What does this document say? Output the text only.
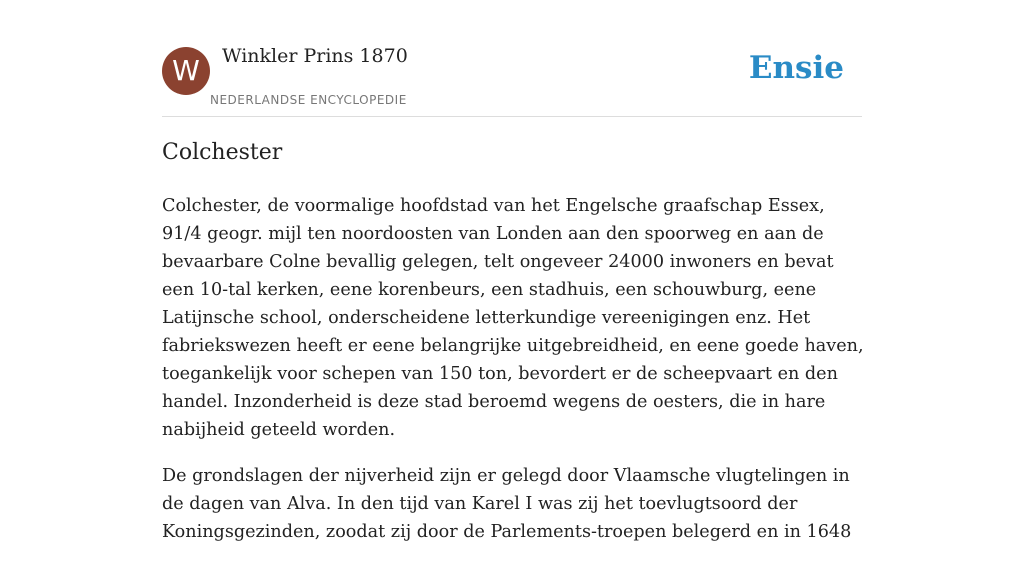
W	Winkler Prins 1870
NEDERLANDSE ENCYCLOPEDIE
Ensie
Colchester

Colchester, de voormalige hoofdstad van het Engelsche graafschap Essex, 91/4 geogr. mijl ten noordoosten van Londen aan den spoorweg en aan de bevaarbare Colne bevallig gelegen, telt ongeveer 24000 inwoners en bevat een 10-tal kerken, eene korenbeurs, een stadhuis, een schouwburg, eene Latijnsche school, onderscheidene letterkundige vereenigingen enz. Het fabriekswezen heeft er eene belangrijke uitgebreidheid, en eene goede haven, toegankelijk voor schepen van 150 ton, bevordert er de scheepvaart en den handel. Inzonderheid is deze stad beroemd wegens de oesters, die in hare nabijheid geteeld worden.

De grondslagen der nijverheid zijn er gelegd door Vlaamsche vlugtelingen in de dagen van Alva. In den tijd van Karel I was zij het toevlugtsoord der Koningsgezinden, zoodat zij door de Parlements-troepen belegerd en in 1648
